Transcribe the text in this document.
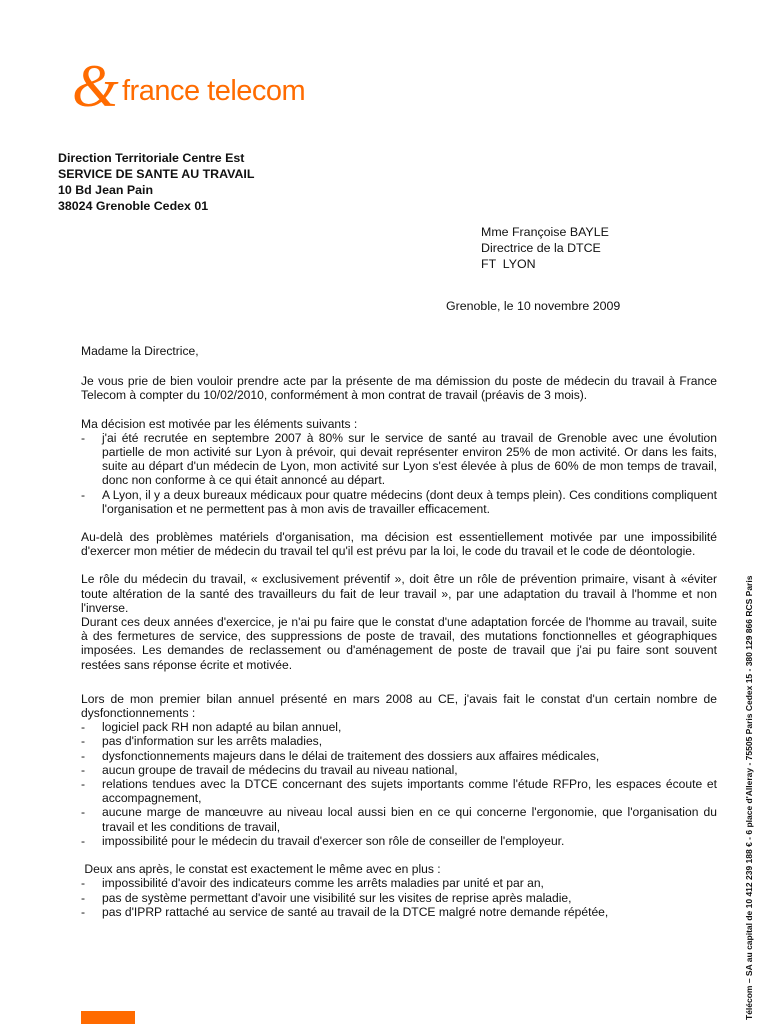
& france telecom
Direction Territoriale Centre Est
SERVICE DE SANTE AU TRAVAIL
10 Bd Jean Pain
38024 Grenoble Cedex 01
Mme Françoise BAYLE
Directrice de la DTCE
FT  LYON
Grenoble, le 10 novembre 2009

Madame la Directrice,

Je vous prie de bien vouloir prendre acte par la présente de ma démission du poste de médecin du travail à France Telecom à compter du 10/02/2010, conformément à mon contrat de travail (préavis de 3 mois).

Ma décision est motivée par les éléments suivants :

- j'ai été recrutée en septembre 2007 à 80% sur le service de santé au travail de Grenoble avec une évolution partielle de mon activité sur Lyon à prévoir, qui devait représenter environ 25% de mon activité. Or dans les faits, suite au départ d'un médecin de Lyon, mon activité sur Lyon s'est élevée à plus de 60% de mon temps de travail, donc non conforme à ce qui était annoncé au départ.

- A Lyon, il y a deux bureaux médicaux pour quatre médecins (dont deux à temps plein). Ces conditions compliquent l'organisation et ne permettent pas à mon avis de travailler efficacement.

Au-delà des problèmes matériels d'organisation, ma décision est essentiellement motivée par une impossibilité d'exercer mon métier de médecin du travail tel qu'il est prévu par la loi, le code du travail et le code de déontologie.

Le rôle du médecin du travail, « exclusivement préventif », doit être un rôle de prévention primaire, visant à «éviter toute altération de la santé des travailleurs du fait de leur travail », par une adaptation du travail à l'homme et non l'inverse.

Durant ces deux années d'exercice, je n'ai pu faire que le constat d'une adaptation forcée de l'homme au travail, suite à des fermetures de service, des suppressions de poste de travail, des mutations fonctionnelles et géographiques imposées. Les demandes de reclassement ou d'aménagement de poste de travail que j'ai pu faire sont souvent restées sans réponse écrite et motivée.

Lors de mon premier bilan annuel présenté en mars 2008 au CE, j'avais fait le constat d'un certain nombre de dysfonctionnements :

- logiciel pack RH non adapté au bilan annuel,

- pas d'information sur les arrêts maladies,

- dysfonctionnements majeurs dans le délai de traitement des dossiers aux affaires médicales,

- aucun groupe de travail de médecins du travail au niveau national,

- relations tendues avec la DTCE concernant des sujets importants comme l'étude RFPro, les espaces écoute et accompagnement,

- aucune marge de manœuvre au niveau local aussi bien en ce qui concerne l'ergonomie, que l'organisation du travail et les conditions de travail,

- impossibilité pour le médecin du travail d'exercer son rôle de conseiller de l'employeur.

Deux ans après, le constat est exactement le même avec en plus :

- impossibilité d'avoir des indicateurs comme les arrêts maladies par unité et par an,

- pas de système permettant d'avoir une visibilité sur les visites de reprise après maladie,

- pas d'IPRP rattaché au service de santé au travail de la DTCE malgré notre demande répétée,	Télécom – SA au capital de 10 412 239 188 € - 6 place d'Alleray - 75505 Paris Cedex 15 - 380 129 866 RCS Paris
